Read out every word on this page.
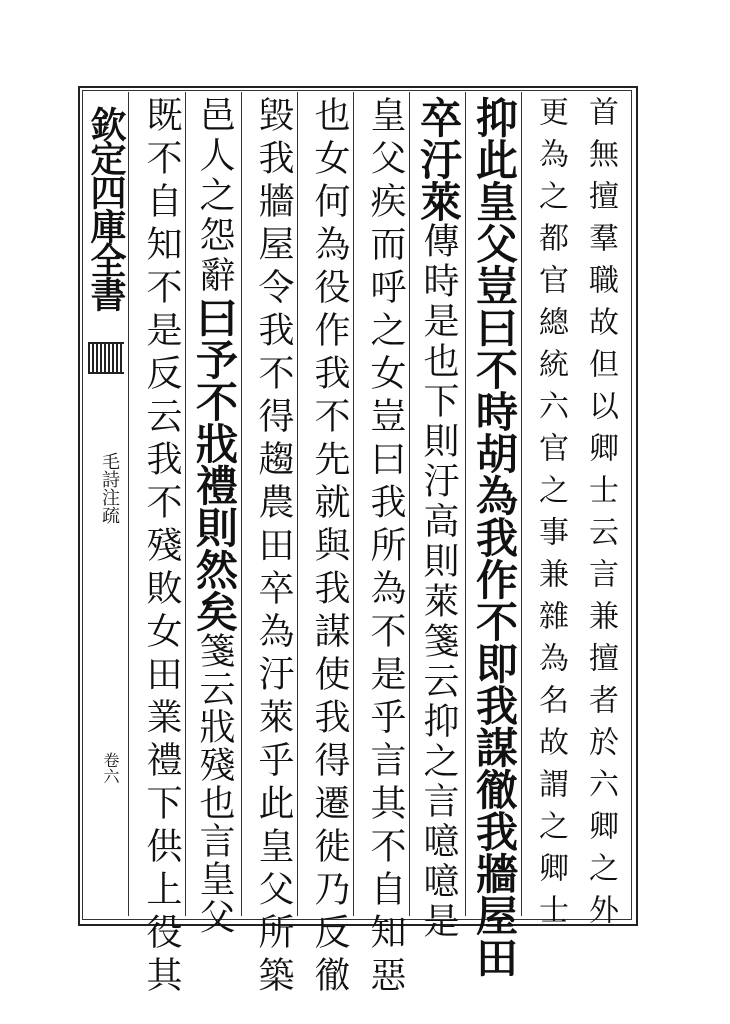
欽定四庫全書
毛詩注疏
卷六	首無擅羣職故但以卿士云言兼擅者於六卿之外
更為之都官總統六官之事兼雜為名故謂之卿士
抑此皇父豈曰不時胡為我作不即我謀徹我牆屋田
卒汙萊傳時是也下則汙高則萊箋云抑之言噫噫是
皇父疾而呼之女豈曰我所為不是乎言其不自知惡
也女何為役作我不先就與我謀使我得遷徙乃反徹
毀我牆屋令我不得趨農田卒為汙萊乎此皇父所築
邑人之怨辭曰予不戕禮則然矣箋云戕殘也言皇父
既不自知不是反云我不殘敗女田業禮下供上役其
